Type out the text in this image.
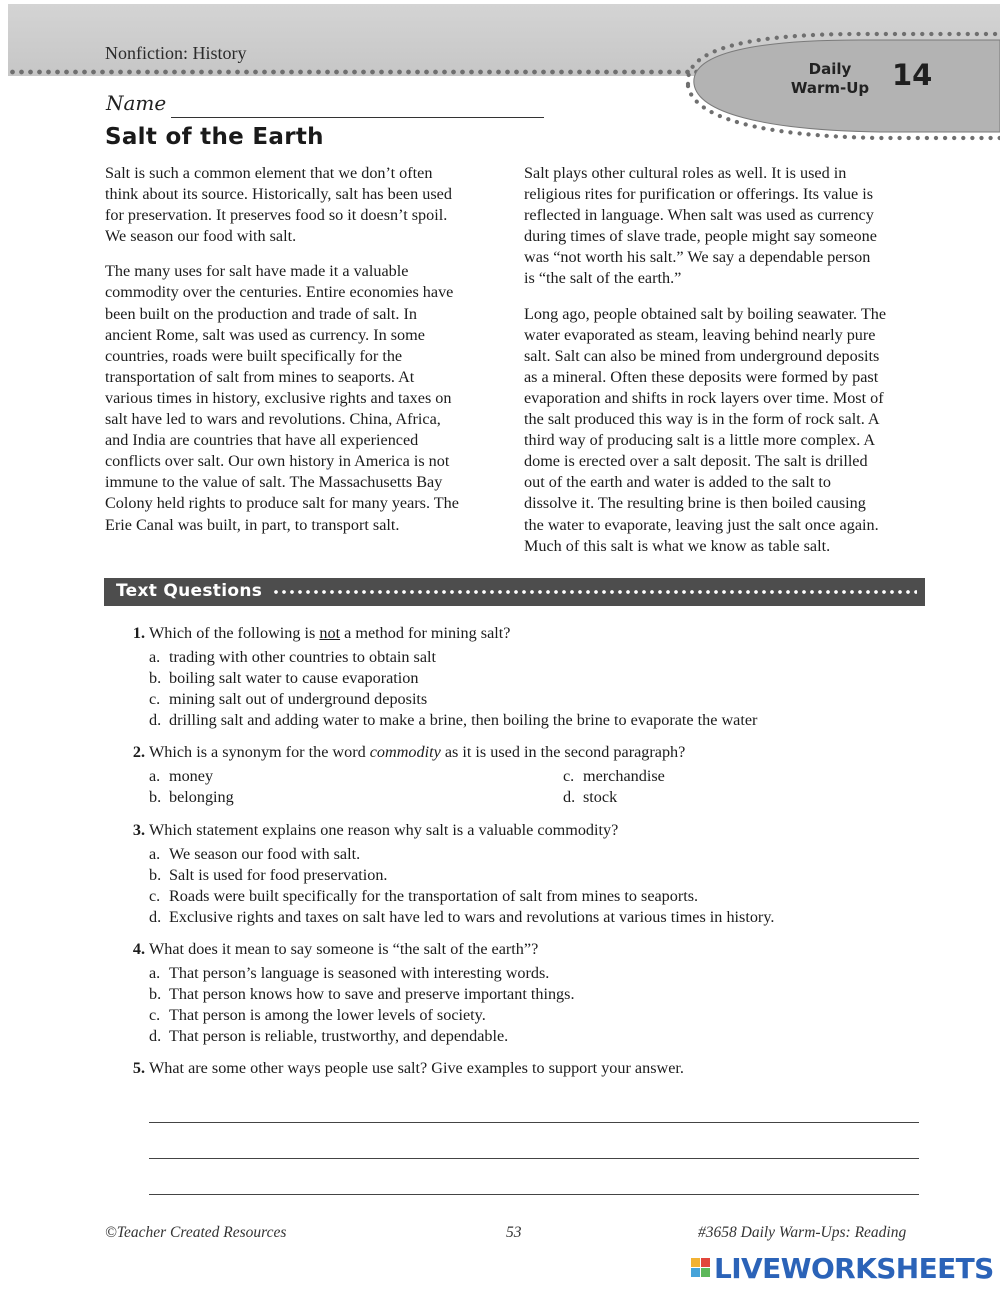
Nonfiction: History
Daily
Warm-Up 14
Name
Salt of the Earth

Salt is such a common element that we don’t often
think about its source. Historically, salt has been used
for preservation. It preserves food so it doesn’t spoil.
We season our food with salt.

The many uses for salt have made it a valuable
commodity over the centuries. Entire economies have
been built on the production and trade of salt. In
ancient Rome, salt was used as currency. In some
countries, roads were built specifically for the
transportation of salt from mines to seaports. At
various times in history, exclusive rights and taxes on
salt have led to wars and revolutions. China, Africa,
and India are countries that have all experienced
conflicts over salt. Our own history in America is not
immune to the value of salt. The Massachusetts Bay
Colony held rights to produce salt for many years. The
Erie Canal was built, in part, to transport salt.

Salt plays other cultural roles as well. It is used in
religious rites for purification or offerings. Its value is
reflected in language. When salt was used as currency
during times of slave trade, people might say someone
was “not worth his salt.” We say a dependable person
is “the salt of the earth.”

Long ago, people obtained salt by boiling seawater. The
water evaporated as steam, leaving behind nearly pure
salt. Salt can also be mined from underground deposits
as a mineral. Often these deposits were formed by past
evaporation and shifts in rock layers over time. Most of
the salt produced this way is in the form of rock salt. A
third way of producing salt is a little more complex. A
dome is erected over a salt deposit. The salt is drilled
out of the earth and water is added to the salt to
dissolve it. The resulting brine is then boiled causing
the water to evaporate, leaving just the salt once again.
Much of this salt is what we know as table salt.

Text Questions
1. Which of the following is not a method for mining salt?
a. trading with other countries to obtain salt
b. boiling salt water to cause evaporation
c. mining salt out of underground deposits
d. drilling salt and adding water to make a brine, then boiling the brine to evaporate the water
2. Which is a synonym for the word commodity as it is used in the second paragraph?
a. money	c. merchandise
b. belonging	d. stock
3. Which statement explains one reason why salt is a valuable commodity?
a. We season our food with salt.
b. Salt is used for food preservation.
c. Roads were built specifically for the transportation of salt from mines to seaports.
d. Exclusive rights and taxes on salt have led to wars and revolutions at various times in history.
4. What does it mean to say someone is “the salt of the earth”?
a. That person’s language is seasoned with interesting words.
b. That person knows how to save and preserve important things.
c. That person is among the lower levels of society.
d. That person is reliable, trustworthy, and dependable.
5. What are some other ways people use salt? Give examples to support your answer.
©Teacher Created Resources	53	#3658 Daily Warm-Ups: Reading
LIVEWORKSHEETS
